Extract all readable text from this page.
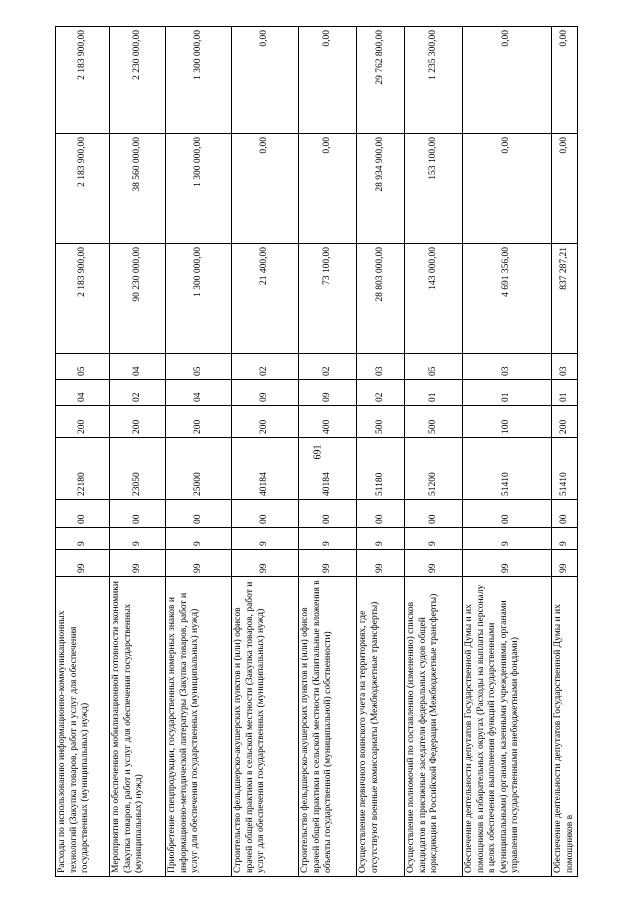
691
Расходы по использованию информационно-коммуникационных технологий (Закупка товаров, работ и услуг для обеспечения государственных (муниципальных) нужд)	99	9	00	22180	200	04	05	2 183 900,00	2 183 900,00	2 183 900,00
Мероприятия по обеспечению мобилизационной готовности экономики (Закупка товаров, работ и услуг для обеспечения государственных (муниципальных) нужд)	99	9	00	23050	200	02	04	90 230 000,00	38 560 000,00	2 230 000,00
Приобретение спецпродукции, государственных номерных знаков и информационно-методической литературы (Закупка товаров, работ и услуг для обеспечения государственных (муниципальных) нужд)	99	9	00	25000	200	04	05	1 300 000,00	1 300 000,00	1 300 000,00
Строительство фельдшерско-акушерских пунктов и (или) офисов врачей общей практики в сельской местности (Закупка товаров, работ и услуг для обеспечения государственных (муниципальных) нужд)	99	9	00	40184	200	09	02	21 400,00	0,00	0,00
Строительство фельдшерско-акушерских пунктов и (или) офисов врачей общей практики в сельской местности (Капитальные вложения в объекты государственной (муниципальной) собственности)	99	9	00	40184	400	09	02	73 100,00	0,00	0,00
Осуществление первичного воинского учета на территориях, где отсутствуют военные комиссариаты (Межбюджетные трансферты)	99	9	00	51180	500	02	03	28 803 000,00	28 934 900,00	29 762 800,00
Осуществление полномочий по составлению (изменению) списков кандидатов в присяжные заседатели федеральных судов общей юрисдикции в Российской Федерации (Межбюджетные трансферты)	99	9	00	51200	500	01	05	143 000,00	153 100,00	1 235 300,00
Обеспечение деятельности депутатов Государственной Думы и их помощников в избирательных округах (Расходы на выплаты персоналу в целях обеспечения выполнения функций государственными (муниципальными) органами, казенными учреждениями, органами управления государственными внебюджетными фондами)	99	9	00	51410	100	01	03	4 691 356,00	0,00	0,00
Обеспечение деятельности депутатов Государственной Думы и их помощников в	99	9	00	51410	200	01	03	837 287,21	0,00	0,00
